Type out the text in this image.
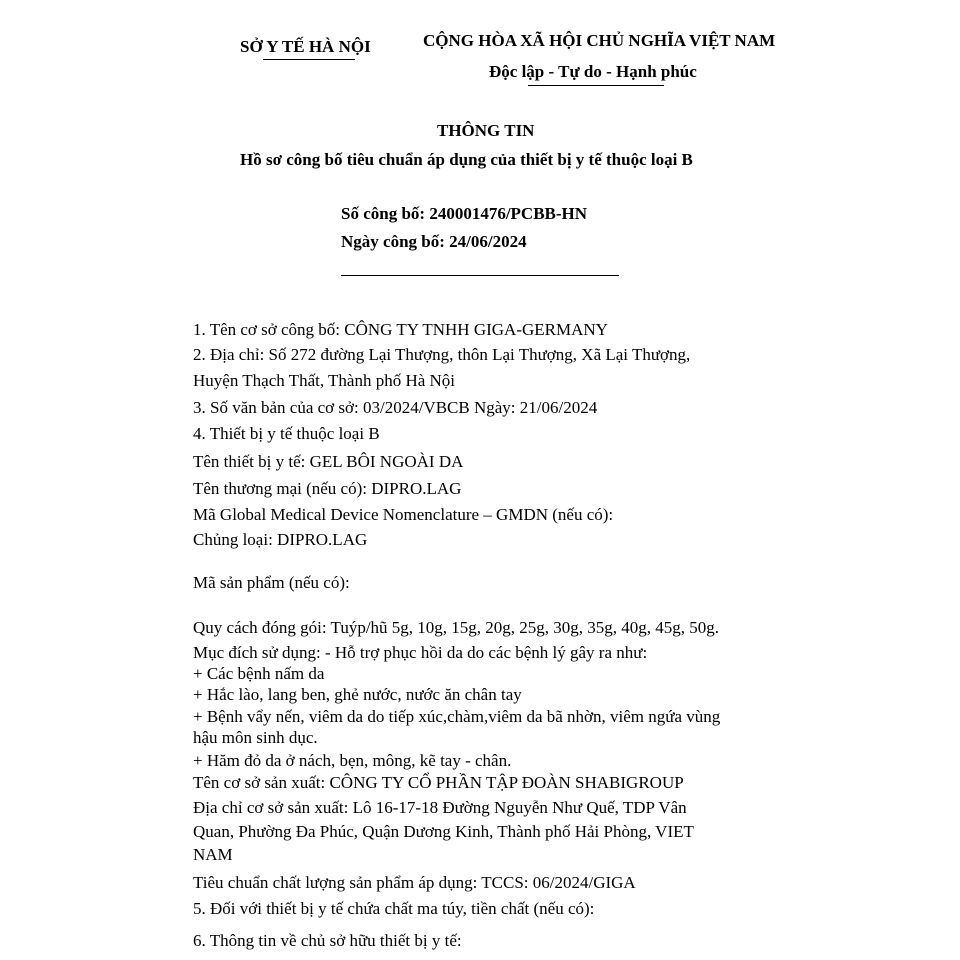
SỞ Y TẾ HÀ NỘI	CỘNG HÒA XÃ HỘI CHỦ NGHĨA VIỆT NAM
Độc lập - Tự do - Hạnh phúc
THÔNG TIN
Hồ sơ công bố tiêu chuẩn áp dụng của thiết bị y tế thuộc loại B
Số công bố: 240001476/PCBB-HN
Ngày công bố: 24/06/2024
1. Tên cơ sở công bố: CÔNG TY TNHH GIGA-GERMANY
2. Địa chỉ: Số 272 đường Lại Thượng, thôn Lại Thượng, Xã Lại Thượng,
Huyện Thạch Thất, Thành phố Hà Nội
3. Số văn bản của cơ sở: 03/2024/VBCB Ngày: 21/06/2024
4. Thiết bị y tế thuộc loại B
Tên thiết bị y tế: GEL BÔI NGOÀI DA
Tên thương mại (nếu có): DIPRO.LAG
Mã Global Medical Device Nomenclature – GMDN (nếu có):
Chủng loại: DIPRO.LAG
Mã sản phẩm (nếu có):
Quy cách đóng gói: Tuýp/hũ 5g, 10g, 15g, 20g, 25g, 30g, 35g, 40g, 45g, 50g.
Mục đích sử dụng: - Hỗ trợ phục hồi da do các bệnh lý gây ra như:
+ Các bệnh nấm da
+ Hắc lào, lang ben, ghẻ nước, nước ăn chân tay
+ Bệnh vẩy nến, viêm da do tiếp xúc,chàm,viêm da bã nhờn, viêm ngứa vùng
hậu môn sinh dục.
+ Hăm đỏ da ở nách, bẹn, mông, kẽ tay - chân.
Tên cơ sở sản xuất: CÔNG TY CỔ PHẦN TẬP ĐOÀN SHABIGROUP
Địa chỉ cơ sở sản xuất: Lô 16-17-18 Đường Nguyễn Như Quế, TDP Vân
Quan, Phường Đa Phúc, Quận Dương Kinh, Thành phố Hải Phòng, VIET
NAM
Tiêu chuẩn chất lượng sản phẩm áp dụng: TCCS: 06/2024/GIGA
5. Đối với thiết bị y tế chứa chất ma túy, tiền chất (nếu có):
6. Thông tin về chủ sở hữu thiết bị y tế:
